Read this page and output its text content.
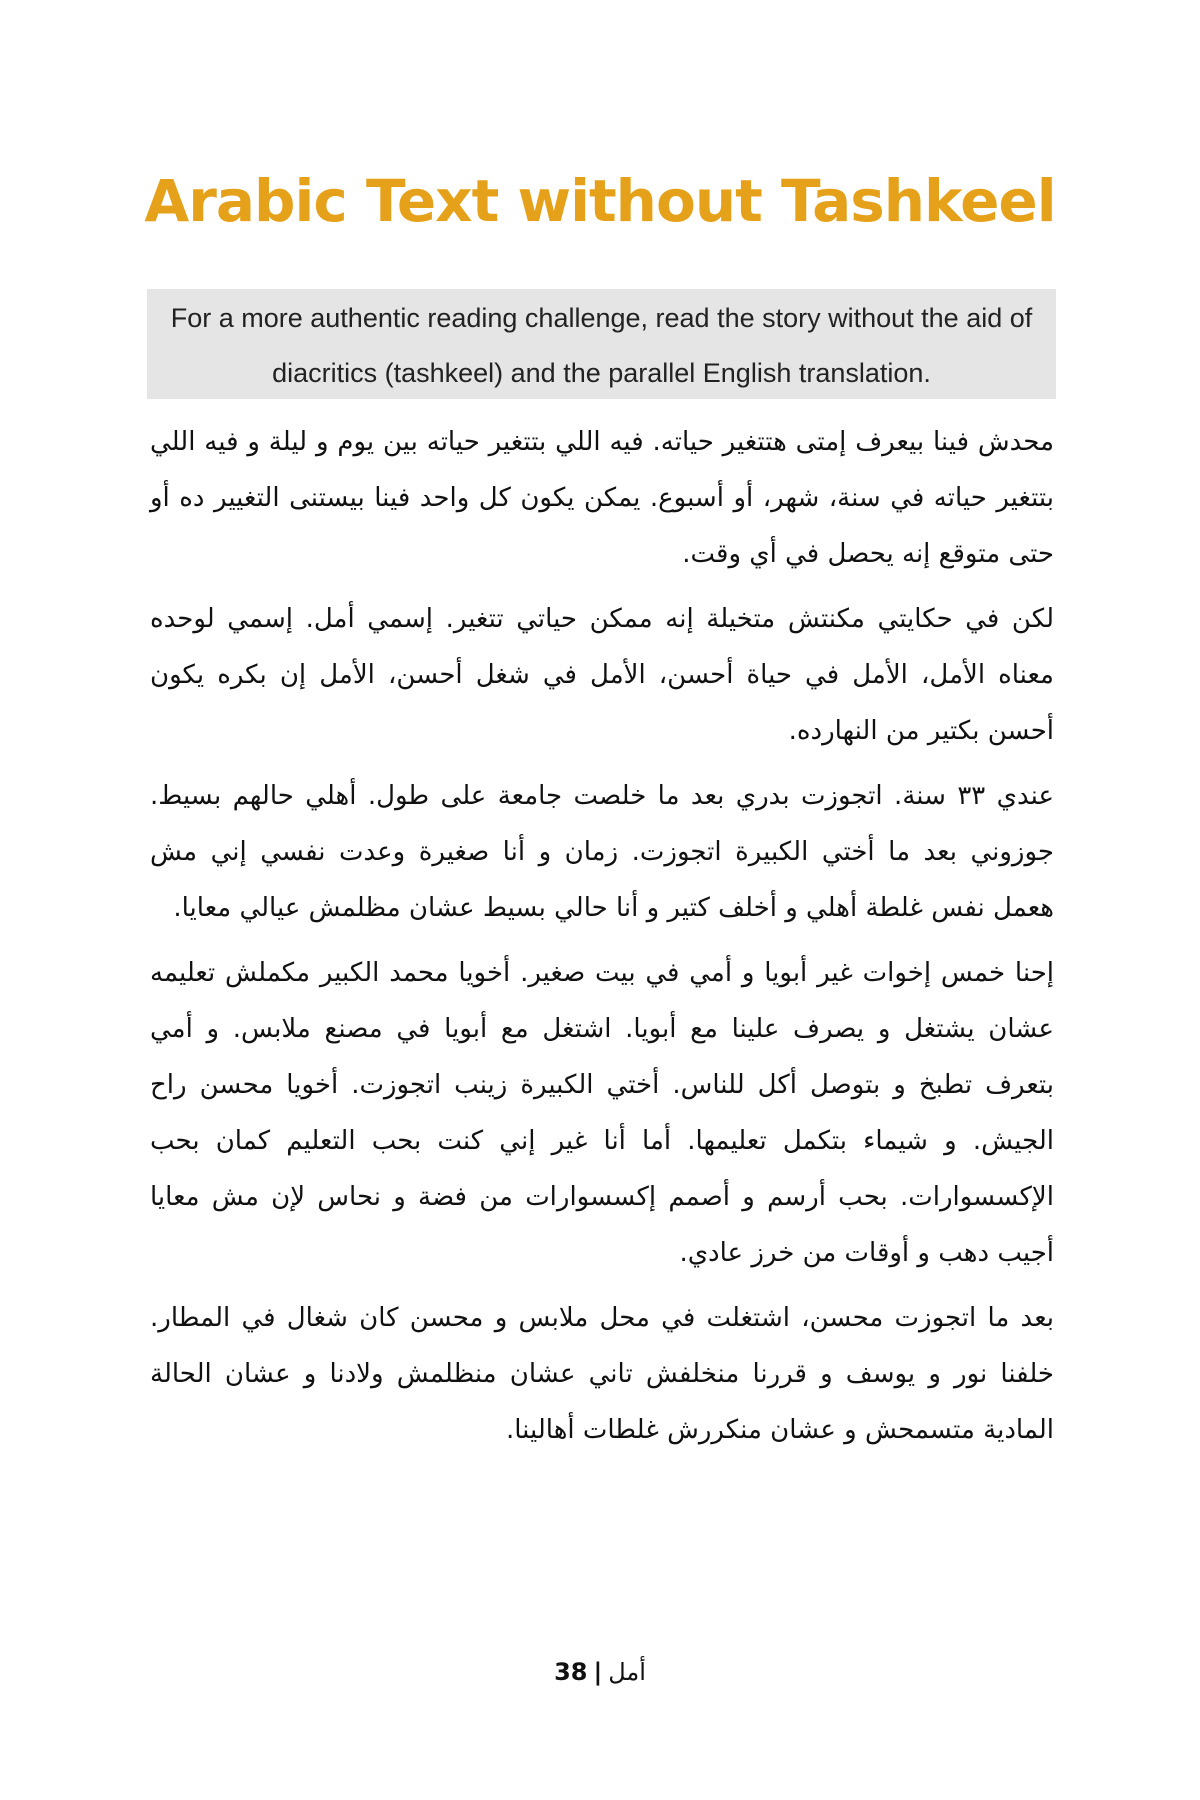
Arabic Text without Tashkeel
For a more authentic reading challenge, read the story without the aid of diacritics (tashkeel) and the parallel English translation.

محدش فينا بيعرف إمتى هتتغير حياته. فيه اللي بتتغير حياته بين يوم و ليلة و فيه اللي بتتغير حياته في سنة، شهر، أو أسبوع. يمكن يكون كل واحد فينا بيستنى التغيير ده أو حتى متوقع إنه يحصل في أي وقت.

لكن في حكايتي مكنتش متخيلة إنه ممكن حياتي تتغير. إسمي أمل. إسمي لوحده معناه الأمل، الأمل في حياة أحسن، الأمل في شغل أحسن، الأمل إن بكره يكون أحسن بكتير من النهارده.

عندي ٣٣ سنة. اتجوزت بدري بعد ما خلصت جامعة على طول. أهلي حالهم بسيط. جوزوني بعد ما أختي الكبيرة اتجوزت. زمان و أنا صغيرة وعدت نفسي إني مش هعمل نفس غلطة أهلي و أخلف كتير و أنا حالي بسيط عشان مظلمش عيالي معايا.

إحنا خمس إخوات غير أبويا و أمي في بيت صغير. أخويا محمد الكبير مكملش تعليمه عشان يشتغل و يصرف علينا مع أبويا. اشتغل مع أبويا في مصنع ملابس. و أمي بتعرف تطبخ و بتوصل أكل للناس. أختي الكبيرة زينب اتجوزت. أخويا محسن راح الجيش. و شيماء بتكمل تعليمها. أما أنا غير إني كنت بحب التعليم كمان بحب الإكسسوارات. بحب أرسم و أصمم إكسسوارات من فضة و نحاس لإن مش معايا أجيب دهب و أوقات من خرز عادي.

بعد ما اتجوزت محسن، اشتغلت في محل ملابس و محسن كان شغال في المطار. خلفنا نور و يوسف و قررنا منخلفش تاني عشان منظلمش ولادنا و عشان الحالة المادية متسمحش و عشان منكررش غلطات أهالينا.

38 | أمل
